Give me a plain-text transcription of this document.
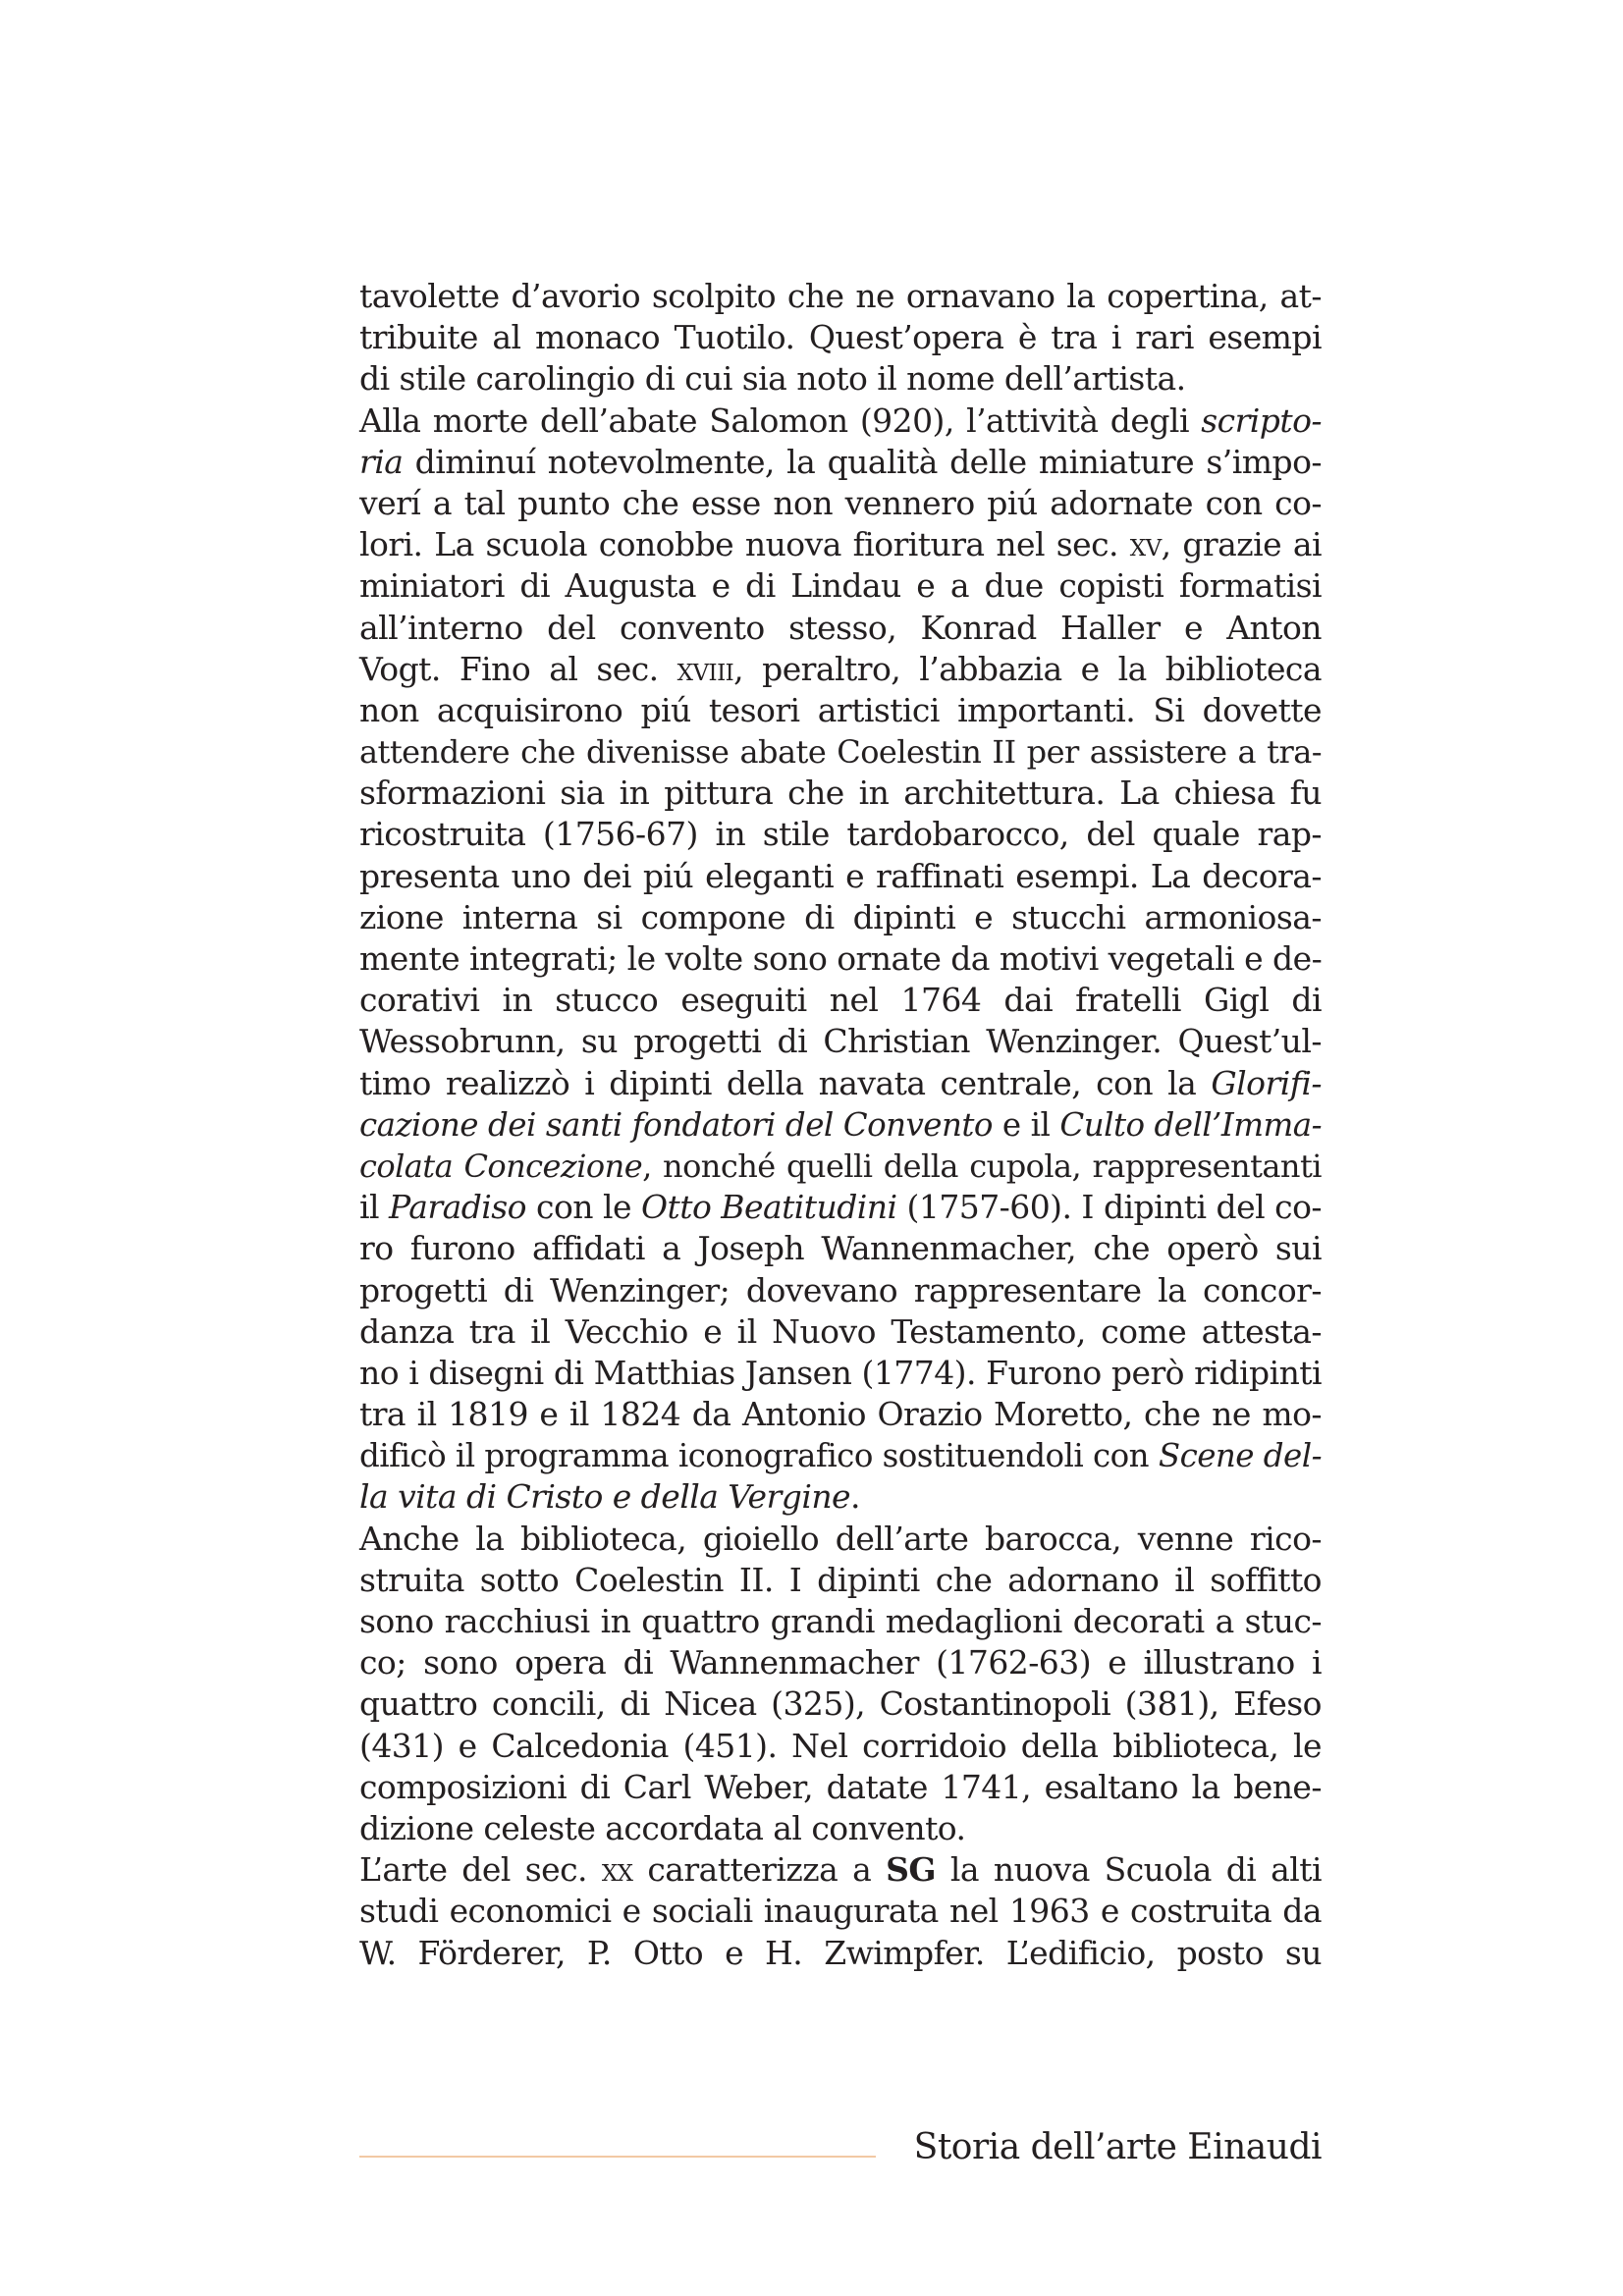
tavolette d’avorio scolpito che ne ornavano la copertina, at-
tribuite al monaco Tuotilo. Quest’opera è tra i rari esempi
di stile carolingio di cui sia noto il nome dell’artista.
Alla morte dell’abate Salomon (920), l’attività degli scripto-
ria diminuí notevolmente, la qualità delle miniature s’impo-
verí a tal punto che esse non vennero piú adornate con co-
lori. La scuola conobbe nuova fioritura nel sec. xv, grazie ai
miniatori di Augusta e di Lindau e a due copisti formatisi
all’interno del convento stesso, Konrad Haller e Anton
Vogt. Fino al sec. xviii, peraltro, l’abbazia e la biblioteca
non acquisirono piú tesori artistici importanti. Si dovette
attendere che divenisse abate Coelestin II per assistere a tra-
sformazioni sia in pittura che in architettura. La chiesa fu
ricostruita (1756-67) in stile tardobarocco, del quale rap-
presenta uno dei piú eleganti e raffinati esempi. La decora-
zione interna si compone di dipinti e stucchi armoniosa-
mente integrati; le volte sono ornate da motivi vegetali e de-
corativi in stucco eseguiti nel 1764 dai fratelli Gigl di
Wessobrunn, su progetti di Christian Wenzinger. Quest’ul-
timo realizzò i dipinti della navata centrale, con la Glorifi-
cazione dei santi fondatori del Convento e il Culto dell’Imma-
colata Concezione, nonché quelli della cupola, rappresentanti
il Paradiso con le Otto Beatitudini (1757-60). I dipinti del co-
ro furono affidati a Joseph Wannenmacher, che operò sui
progetti di Wenzinger; dovevano rappresentare la concor-
danza tra il Vecchio e il Nuovo Testamento, come attesta-
no i disegni di Matthias Jansen (1774). Furono però ridipinti
tra il 1819 e il 1824 da Antonio Orazio Moretto, che ne mo-
dificò il programma iconografico sostituendoli con Scene del-
la vita di Cristo e della Vergine.
Anche la biblioteca, gioiello dell’arte barocca, venne rico-
struita sotto Coelestin II. I dipinti che adornano il soffitto
sono racchiusi in quattro grandi medaglioni decorati a stuc-
co; sono opera di Wannenmacher (1762-63) e illustrano i
quattro concili, di Nicea (325), Costantinopoli (381), Efeso
(431) e Calcedonia (451). Nel corridoio della biblioteca, le
composizioni di Carl Weber, datate 1741, esaltano la bene-
dizione celeste accordata al convento.
L’arte del sec. xx caratterizza a SG la nuova Scuola di alti
studi economici e sociali inaugurata nel 1963 e costruita da
W. Förderer, P. Otto e H. Zwimpfer. L’edificio, posto su
Storia dell’arte Einaudi
